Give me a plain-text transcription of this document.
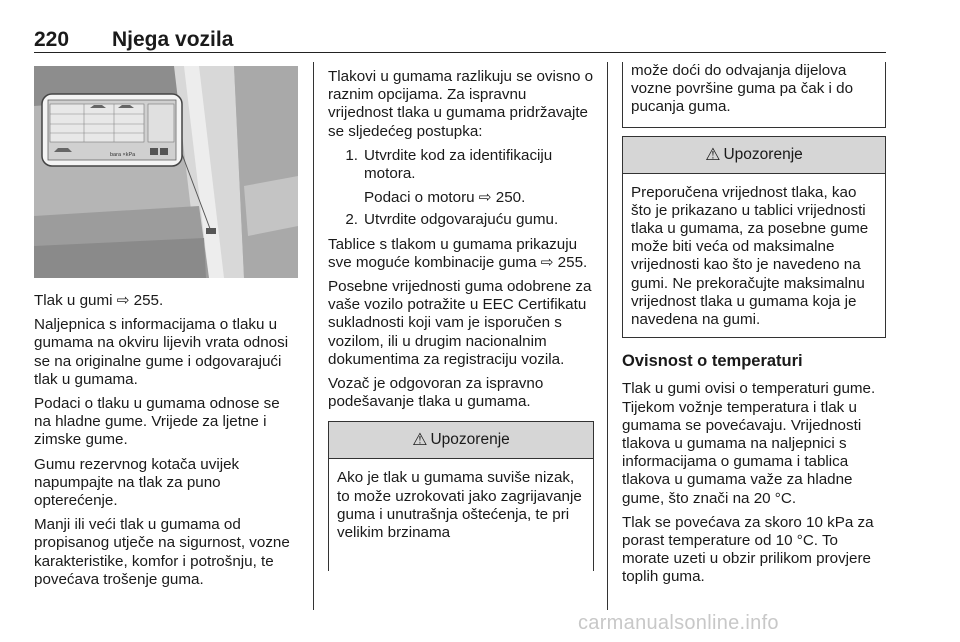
220 Njega vozila
bara ×kPa

Tlak u gumi ⇨ 255.

Naljepnica s informacijama o tlaku u gumama na okviru lijevih vrata odnosi se na originalne gume i odgovarajući tlak u gumama.

Podaci o tlaku u gumama odnose se na hladne gume. Vrijede za ljetne i zimske gume.

Gumu rezervnog kotača uvijek napumpajte na tlak za puno opterećenje.

Manji ili veći tlak u gumama od propisanog utječe na sigurnost, vozne karakteristike, komfor i potrošnju, te povećava trošenje guma.

Tlakovi u gumama razlikuju se ovisno o raznim opcijama. Za ispravnu vrijednost tlaka u gumama pridržavajte se sljedećeg postupka:

1. Utvrdite kod za identifikaciju motora.
Podaci o motoru ⇨ 250.
2. Utvrdite odgovarajuću gumu.

Tablice s tlakom u gumama prikazuju sve moguće kombinacije guma ⇨ 255.

Posebne vrijednosti guma odobrene za vaše vozilo potražite u EEC Certifikatu sukladnosti koji vam je isporučen s vozilom, ili u drugim nacionalnim dokumentima za registraciju vozila.

Vozač je odgovoran za ispravno podešavanje tlaka u gumama.

⚠ Upozorenje
Ako je tlak u gumama suviše nizak, to može uzrokovati jako zagrijavanje guma i unutrašnja oštećenja, te pri velikim brzinama
može doći do odvajanja dijelova vozne površine guma pa čak i do pucanja guma.
⚠ Upozorenje
Preporučena vrijednost tlaka, kao što je prikazano u tablici vrijednosti tlaka u gumama, za posebne gume može biti veća od maksimalne vrijednosti kao što je navedeno na gumi. Ne prekoračujte maksimalnu vrijednost tlaka u gumama koja je navedena na gumi.
Ovisnost o temperaturi

Tlak u gumi ovisi o temperaturi gume. Tijekom vožnje temperatura i tlak u gumama se povećavaju. Vrijednosti tlakova u gumama na naljepnici s informacijama o gumama i tablica tlakova u gumama važe za hladne gume, što znači na 20 °C.

Tlak se povećava za skoro 10 kPa za porast temperature od 10 °C. To morate uzeti u obzir prilikom provjere toplih guma.

carmanualsonline.info
